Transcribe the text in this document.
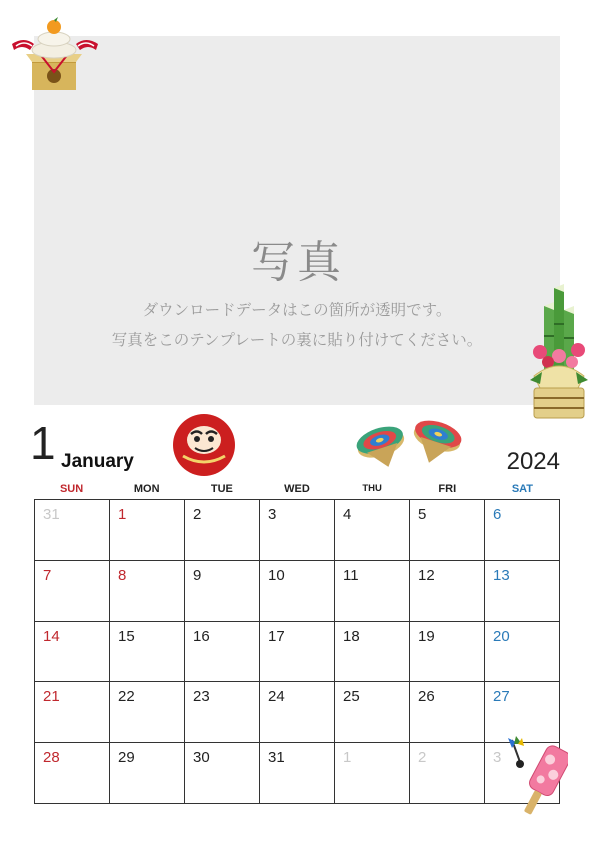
写真
ダウンロードデータはこの箇所が透明です。
写真をこのテンプレートの裏に貼り付けてください。
1 January	2024
SUN	MON	TUE	WED	THU	FRI	SAT
31	1	2	3	4	5	6
7	8	9	10	11	12	13
14	15	16	17	18	19	20
21	22	23	24	25	26	27
28	29	30	31	1	2	3
